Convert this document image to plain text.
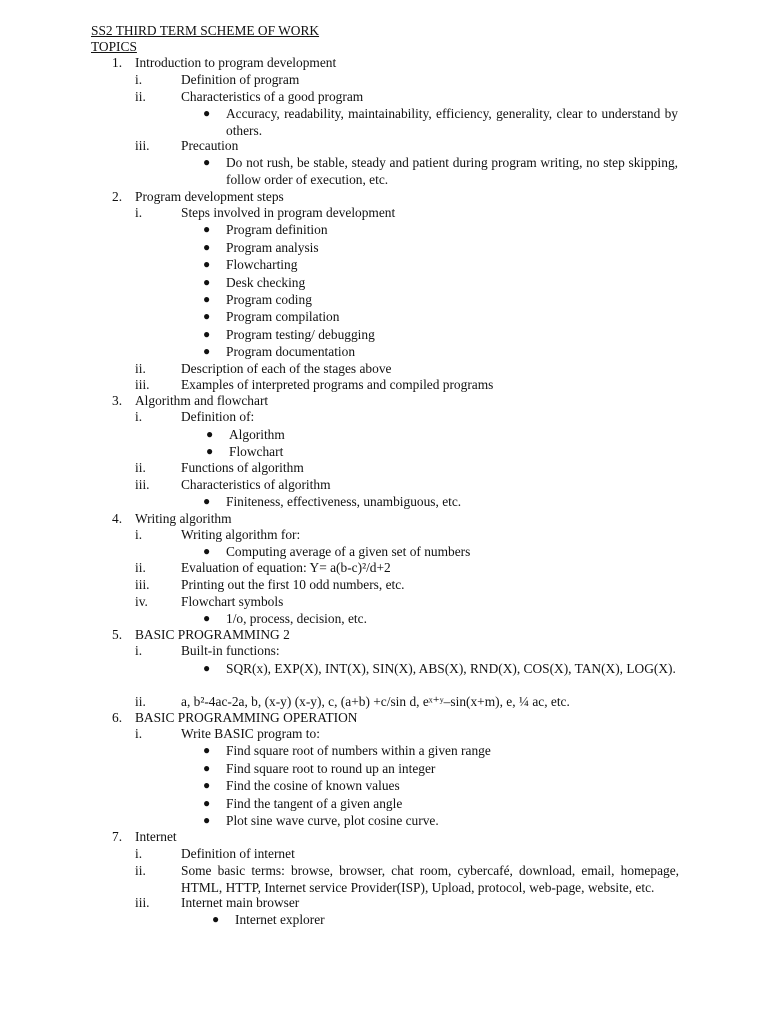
SS2 THIRD TERM SCHEME OF WORK
TOPICS
1. Introduction to program development
i.	Definition of program
ii.	Characteristics of a good program
● Accuracy, readability, maintainability, efficiency, generality, clear to understand by others.
iii. Precaution
● Do not rush, be stable, steady and patient during program writing, no step skipping, follow order of execution, etc.
2. Program development steps
i.	Steps involved in program development
● Program definition
● Program analysis
● Flowcharting
● Desk checking
● Program coding
● Program compilation
● Program testing/ debugging
● Program documentation
ii.	Description of each of the stages above
iii. Examples of interpreted programs and compiled programs
3. Algorithm and flowchart
i.	Definition of:
● Algorithm
● Flowchart
ii.	Functions of algorithm
iii. Characteristics of algorithm
● Finiteness, effectiveness, unambiguous, etc.
4. Writing algorithm
i.	Writing algorithm for:
● Computing average of a given set of numbers
ii.	Evaluation of equation: Y= a(b-c)²/d+2
iii. Printing out the first 10 odd numbers, etc.
iv. Flowchart symbols
● 1/o, process, decision, etc.
5. BASIC PROGRAMMING 2
i.	Built-in functions:
● SQR(x), EXP(X), INT(X), SIN(X), ABS(X), RND(X), COS(X), TAN(X), LOG(X).
ii.	a, b²-4ac-2a, b, (x-y) (x-y), c, (a+b) +c/sin d, eˣ⁺ʸ–sin(x+m), e, ¼ ac, etc.
6. BASIC PROGRAMMING OPERATION
i.	Write BASIC program to:
● Find square root of numbers within a given range
● Find square root to round up an integer
● Find the cosine of known values
● Find the tangent of a given angle
● Plot sine wave curve, plot cosine curve.
7. Internet
i.	Definition of internet
ii.	Some basic terms: browse, browser, chat room, cybercafé, download, email, homepage, HTML, HTTP, Internet service Provider(ISP), Upload, protocol, web-page, website, etc.
iii. Internet main browser
● Internet explorer
